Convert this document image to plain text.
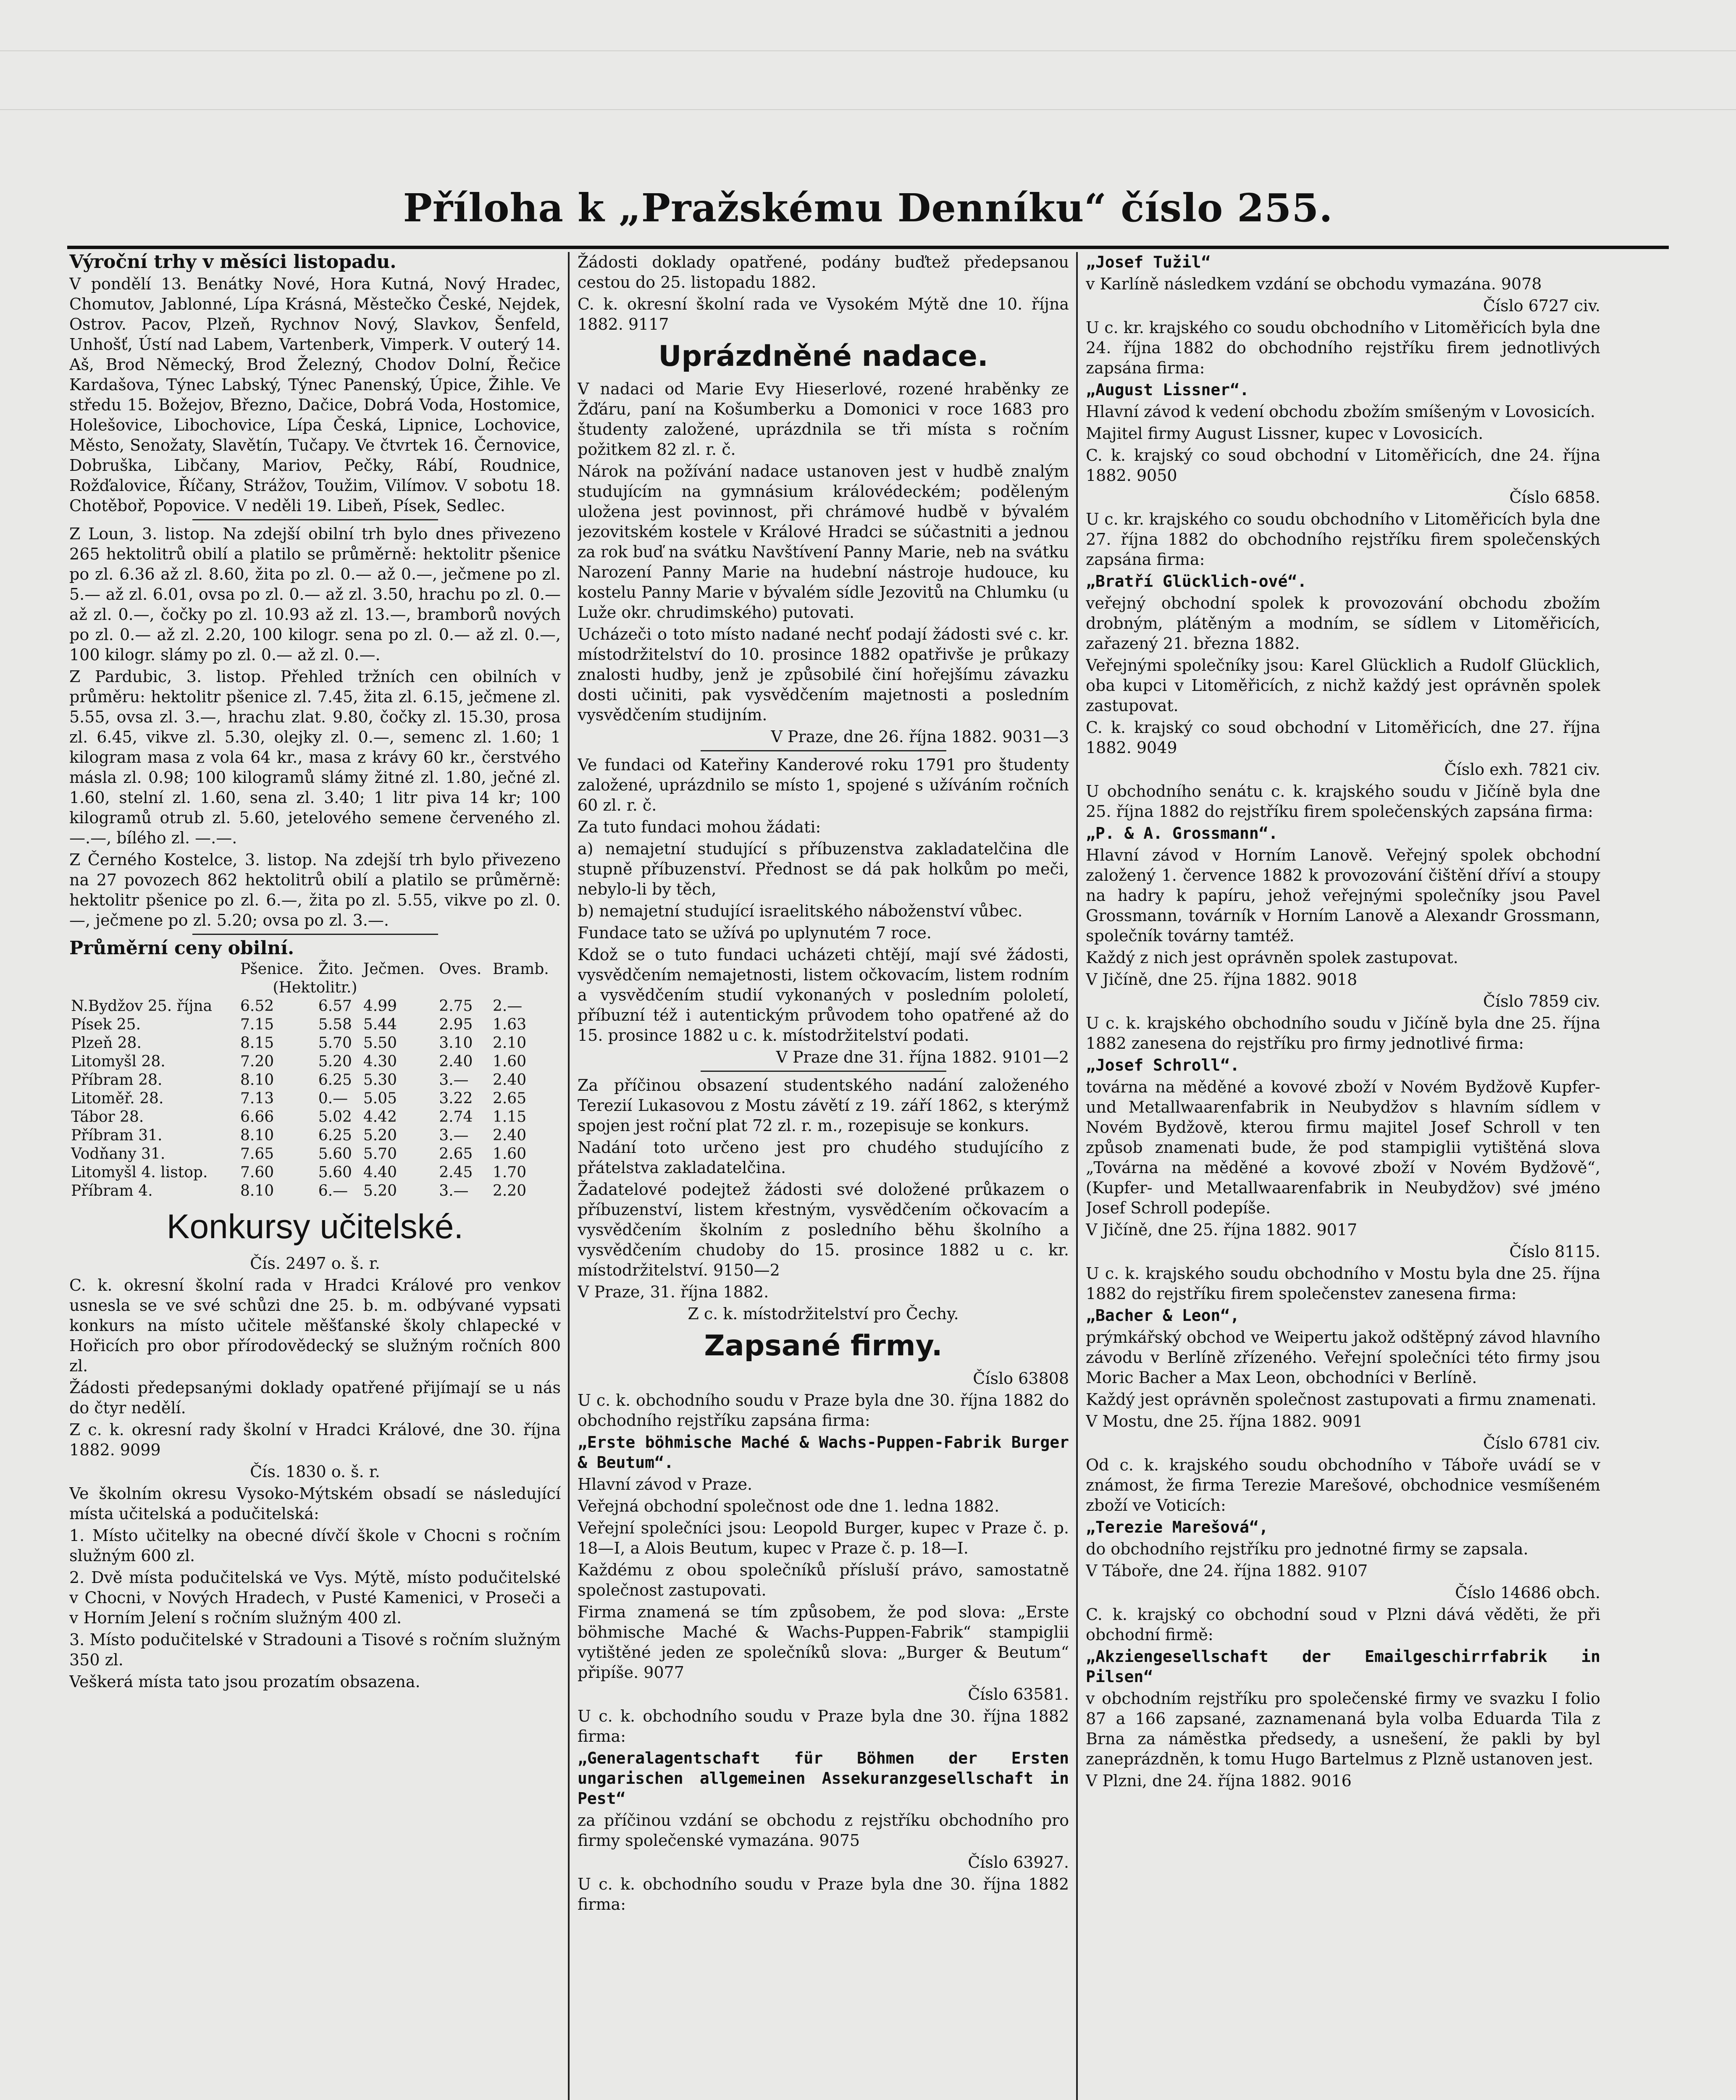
Příloha k „Pražskému Denníku“ číslo 255.

Výroční trhy v měsíci listopadu.

V pondělí 13. Benátky Nové, Hora Kutná, Nový Hradec, Chomutov, Jablonné, Lípa Krásná, Městečko České, Nejdek, Ostrov. Pacov, Plzeň, Rychnov Nový, Slavkov, Šenfeld, Unhošť, Ústí nad Labem, Vartenberk, Vimperk. V outerý 14. Aš, Brod Německý, Brod Železný, Chodov Dolní, Řečice Kardašova, Týnec Labský, Týnec Panenský, Úpice, Žihle. Ve středu 15. Božejov, Březno, Dačice, Dobrá Voda, Hostomice, Holešovice, Libochovice, Lípa Česká, Lipnice, Lochovice, Město, Senožaty, Slavětín, Tučapy. Ve čtvrtek 16. Černovice, Dobruška, Libčany, Mariov, Pečky, Rábí, Roudnice, Rožďalovice, Říčany, Strážov, Toužim, Vilímov. V sobotu 18. Chotěboř, Popovice. V neděli 19. Libeň, Písek, Sedlec.

Z Loun, 3. listop. Na zdejší obilní trh bylo dnes přivezeno 265 hektolitrů obilí a platilo se průměrně: hektolitr pšenice po zl. 6.36 až zl. 8.60, žita po zl. 0.— až 0.—, ječmene po zl. 5.— až zl. 6.01, ovsa po zl. 0.— až zl. 3.50, hrachu po zl. 0.— až zl. 0.—, čočky po zl. 10.93 až zl. 13.—, bramborů nových po zl. 0.— až zl. 2.20, 100 kilogr. sena po zl. 0.— až zl. 0.—, 100 kilogr. slámy po zl. 0.— až zl. 0.—.

Z Pardubic, 3. listop. Přehled tržních cen obilních v průměru: hektolitr pšenice zl. 7.45, žita zl. 6.15, ječmene zl. 5.55, ovsa zl. 3.—, hrachu zlat. 9.80, čočky zl. 15.30, prosa zl. 6.45, vikve zl. 5.30, olejky zl. 0.—, semenc zl. 1.60; 1 kilogram masa z vola 64 kr., masa z krávy 60 kr., čerstvého másla zl. 0.98; 100 kilogramů slámy žitné zl. 1.80, ječné zl. 1.60, stelní zl. 1.60, sena zl. 3.40; 1 litr piva 14 kr; 100 kilogramů otrub zl. 5.60, jetelového semene červeného zl. —.—, bílého zl. —.—.

Z Černého Kostelce, 3. listop. Na zdejší trh bylo přivezeno na 27 povozech 862 hektolitrů obilí a platilo se průměrně: hektolitr pšenice po zl. 6.—, žita po zl. 5.55, vikve po zl. 0.—, ječmene po zl. 5.20; ovsa po zl. 3.—.

Průměrní ceny obilní.

	Pšenice.	Žito.	Ječmen.	Oves.	Bramb.
(Hektolitr.)					
N.Bydžov 25. října	6.52	6.57	4.99	2.75	2.—
Písek 25.	7.15	5.58	5.44	2.95	1.63
Plzeň 28.	8.15	5.70	5.50	3.10	2.10
Litomyšl 28.	7.20	5.20	4.30	2.40	1.60
Příbram 28.	8.10	6.25	5.30	3.—	2.40
Litoměř. 28.	7.13	0.—	5.05	3.22	2.65
Tábor 28.	6.66	5.02	4.42	2.74	1.15
Příbram 31.	8.10	6.25	5.20	3.—	2.40
Vodňany 31.	7.65	5.60	5.70	2.65	1.60
Litomyšl 4. listop.	7.60	5.60	4.40	2.45	1.70
Příbram 4.	8.10	6.—	5.20	3.—	2.20
Konkursy učitelské.

Čís. 2497 o. š. r.

C. k. okresní školní rada v Hradci Králové pro venkov usnesla se ve své schůzi dne 25. b. m. odbývané vypsati konkurs na místo učitele měšťanské školy chlapecké v Hořicích pro obor přírodovědecký se služným ročních 800 zl.

Žádosti předepsanými doklady opatřené přijímají se u nás do čtyr nedělí.

Z c. k. okresní rady školní v Hradci Králové, dne 30. října 1882. 9099

Čís. 1830 o. š. r.

Ve školním okresu Vysoko-Mýtském obsadí se následující místa učitelská a podučitelská:

1. Místo učitelky na obecné dívčí škole v Chocni s ročním služným 600 zl.

2. Dvě místa podučitelská ve Vys. Mýtě, místo podučitelské v Chocni, v Nových Hradech, v Pusté Kamenici, v Proseči a v Horním Jelení s ročním služným 400 zl.

3. Místo podučitelské v Stradouni a Tisové s ročním služným 350 zl.

Veškerá místa tato jsou prozatím obsazena.

Žádosti doklady opatřené, podány buďtež předepsanou cestou do 25. listopadu 1882.

C. k. okresní školní rada ve Vysokém Mýtě dne 10. října 1882. 9117

Uprázdněné nadace.

V nadaci od Marie Evy Hieserlové, rozené hraběnky ze Žďáru, paní na Košumberku a Domonici v roce 1683 pro študenty založené, uprázdnila se tři místa s ročním požitkem 82 zl. r. č.

Nárok na požívání nadace ustanoven jest v hudbě znalým studujícím na gymnásium královédeckém; poděleným uložena jest povinnost, při chrámové hudbě v bývalém jezovitském kostele v Králové Hradci se súčastniti a jednou za rok buď na svátku Navštívení Panny Marie, neb na svátku Narození Panny Marie na hudební nástroje hudouce, ku kostelu Panny Marie v bývalém sídle Jezovitů na Chlumku (u Luže okr. chrudimského) putovati.

Ucházeči o toto místo nadané nechť podají žádosti své c. kr. místodržitelství do 10. prosince 1882 opatřivše je průkazy znalosti hudby, jenž je způsobilé činí hořejšímu závazku dosti učiniti, pak vysvědčením majetnosti a posledním vysvědčením studijním.

V Praze, dne 26. října 1882. 9031—3

Ve fundaci od Kateřiny Kanderové roku 1791 pro študenty založené, uprázdnilo se místo 1, spojené s užíváním ročních 60 zl. r. č.

Za tuto fundaci mohou žádati:

a) nemajetní studující s příbuzenstva zakladatelčina dle stupně příbuzenství. Přednost se dá pak holkům po meči, nebylo-li by těch,

b) nemajetní studující israelitského náboženství vůbec.

Fundace tato se užívá po uplynutém 7 roce.

Kdož se o tuto fundaci ucházeti chtějí, mají své žádosti, vysvědčením nemajetnosti, listem očkovacím, listem rodním a vysvědčením studií vykonaných v posledním pololetí, příbuzní též i autentickým průvodem toho opatřené až do 15. prosince 1882 u c. k. místodržitelství podati.

V Praze dne 31. října 1882. 9101—2

Za příčinou obsazení studentského nadání založeného Terezií Lukasovou z Mostu závětí z 19. září 1862, s kterýmž spojen jest roční plat 72 zl. r. m., rozepisuje se konkurs.

Nadání toto určeno jest pro chudého studujícího z přátelstva zakladatelčina.

Žadatelové podejtež žádosti své doložené průkazem o příbuzenství, listem křestným, vysvědčením očkovacím a vysvědčením školním z posledního běhu školního a vysvědčením chudoby do 15. prosince 1882 u c. kr. místodržitelství. 9150—2

V Praze, 31. října 1882.

Z c. k. místodržitelství pro Čechy.

Zapsané firmy.

Číslo 63808

U c. k. obchodního soudu v Praze byla dne 30. října 1882 do obchodního rejstříku zapsána firma:

„Erste böhmische Maché & Wachs-Puppen-Fabrik Burger & Beutum“.

Hlavní závod v Praze.

Veřejná obchodní společnost ode dne 1. ledna 1882.

Veřejní společníci jsou: Leopold Burger, kupec v Praze č. p. 18—I, a Alois Beutum, kupec v Praze č. p. 18—I.

Každému z obou společníků přísluší právo, samostatně společnost zastupovati.

Firma znamená se tím způsobem, že pod slova: „Erste böhmische Maché & Wachs-Puppen-Fabrik“ stampiglii vytištěné jeden ze společníků slova: „Burger & Beutum“ připíše. 9077

Číslo 63581.

U c. k. obchodního soudu v Praze byla dne 30. října 1882 firma:

„Generalagentschaft für Böhmen der Ersten ungarischen allgemeinen Assekuranzgesellschaft in Pest“

za příčinou vzdání se obchodu z rejstříku obchodního pro firmy společenské vymazána. 9075

Číslo 63927.

U c. k. obchodního soudu v Praze byla dne 30. října 1882 firma:

„Josef Tužil“

v Karlíně následkem vzdání se obchodu vymazána. 9078

Číslo 6727 civ.

U c. kr. krajského co soudu obchodního v Litoměřicích byla dne 24. října 1882 do obchodního rejstříku firem jednotlivých zapsána firma:

„August Lissner“.

Hlavní závod k vedení obchodu zbožím smíšeným v Lovosicích.

Majitel firmy August Lissner, kupec v Lovosicích.

C. k. krajský co soud obchodní v Litoměřicích, dne 24. října 1882. 9050

Číslo 6858.

U c. kr. krajského co soudu obchodního v Litoměřicích byla dne 27. října 1882 do obchodního rejstříku firem společenských zapsána firma:

„Bratří Glücklich-ové“.

veřejný obchodní spolek k provozování obchodu zbožím drobným, plátěným a modním, se sídlem v Litoměřicích, zařazený 21. března 1882.

Veřejnými společníky jsou: Karel Glücklich a Rudolf Glücklich, oba kupci v Litoměřicích, z nichž každý jest oprávněn spolek zastupovat.

C. k. krajský co soud obchodní v Litoměřicích, dne 27. října 1882. 9049

Číslo exh. 7821 civ.

U obchodního senátu c. k. krajského soudu v Jičíně byla dne 25. října 1882 do rejstříku firem společenských zapsána firma:

„P. & A. Grossmann“.

Hlavní závod v Horním Lanově. Veřejný spolek obchodní založený 1. července 1882 k provozování čištění dříví a stoupy na hadry k papíru, jehož veřejnými společníky jsou Pavel Grossmann, továrník v Horním Lanově a Alexandr Grossmann, společník továrny tamtéž.

Každý z nich jest oprávněn spolek zastupovat.

V Jičíně, dne 25. října 1882. 9018

Číslo 7859 civ.

U c. k. krajského obchodního soudu v Jičíně byla dne 25. října 1882 zanesena do rejstříku pro firmy jednotlivé firma:

„Josef Schroll“.

továrna na měděné a kovové zboží v Novém Bydžově Kupfer- und Metallwaarenfabrik in Neubydžov s hlavním sídlem v Novém Bydžově, kterou firmu majitel Josef Schroll v ten způsob znamenati bude, že pod stampiglii vytištěná slova „Továrna na měděné a kovové zboží v Novém Bydžově“, (Kupfer- und Metallwaarenfabrik in Neubydžov) své jméno Josef Schroll podepíše.

V Jičíně, dne 25. října 1882. 9017

Číslo 8115.

U c. k. krajského soudu obchodního v Mostu byla dne 25. října 1882 do rejstříku firem společenstev zanesena firma:

„Bacher & Leon“,

prýmkářský obchod ve Weipertu jakož odštěpný závod hlavního závodu v Berlíně zřízeného. Veřejní společníci této firmy jsou Moric Bacher a Max Leon, obchodníci v Berlíně.

Každý jest oprávněn společnost zastupovati a firmu znamenati.

V Mostu, dne 25. října 1882. 9091

Číslo 6781 civ.

Od c. k. krajského soudu obchodního v Táboře uvádí se v známost, že firma Terezie Marešové, obchodnice vesmíšeném zboží ve Voticích:

„Terezie Marešová“,

do obchodního rejstříku pro jednotné firmy se zapsala.

V Táboře, dne 24. října 1882. 9107

Číslo 14686 obch.

C. k. krajský co obchodní soud v Plzni dává věděti, že při obchodní firmě:

„Akziengesellschaft der Emailgeschirrfabrik in Pilsen“

v obchodním rejstříku pro společenské firmy ve svazku I folio 87 a 166 zapsané, zaznamenaná byla volba Eduarda Tila z Brna za náměstka předsedy, a usnešení, že pakli by byl zaneprázdněn, k tomu Hugo Bartelmus z Plzně ustanoven jest.

V Plzni, dne 24. října 1882. 9016
